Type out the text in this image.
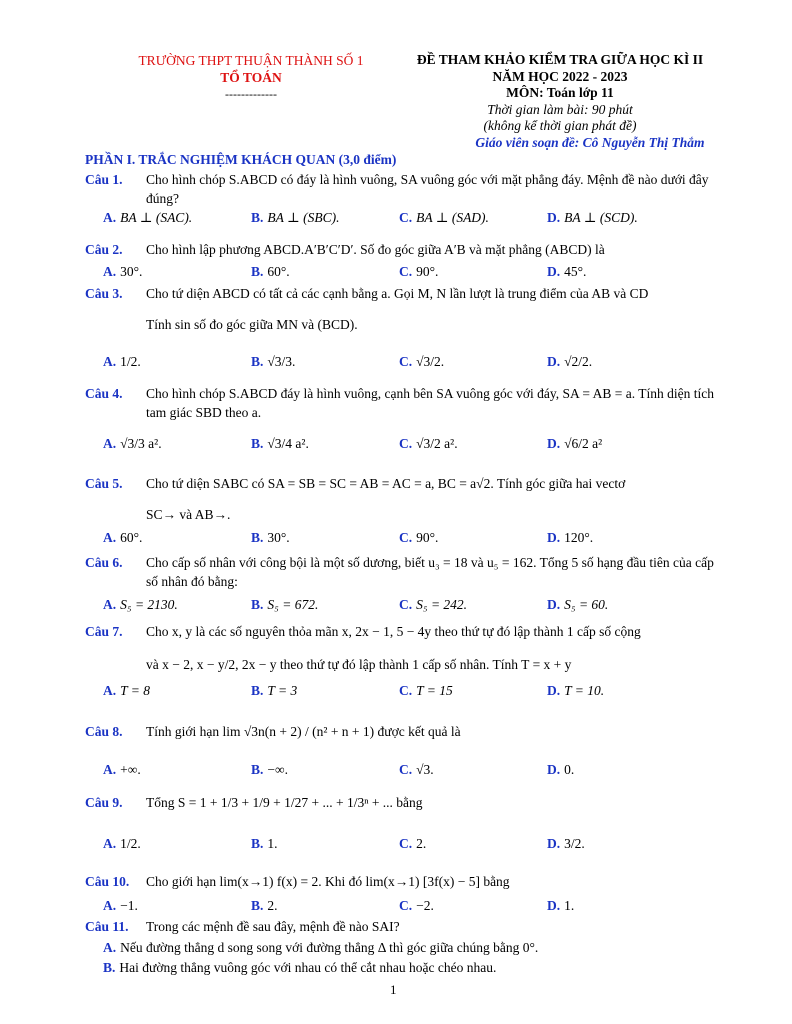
TRƯỜNG THPT THUẬN THÀNH SỐ 1
TỔ TOÁN
-------------
ĐỀ THAM KHẢO KIỂM TRA GIỮA HỌC KÌ II
NĂM HỌC 2022 - 2023
MÔN: Toán lớp 11
Thời gian làm bài: 90 phút
(không kể thời gian phát đề)
Giáo viên soạn đề: Cô Nguyễn Thị Thắm
PHẦN I. TRẮC NGHIỆM KHÁCH QUAN (3,0 điểm)
Câu 1. Cho hình chóp S.ABCD có đáy là hình vuông, SA vuông góc với mặt phẳng đáy. Mệnh đề nào dưới đây đúng?
A. BA ⊥ (SAC).	B. BA ⊥ (SBC).	C. BA ⊥ (SAD).	D. BA ⊥ (SCD).
Câu 2. Cho hình lập phương ABCD.A′B′C′D′. Số đo góc giữa A′B và mặt phẳng (ABCD) là
A. 30°.	B. 60°.	C. 90°.	D. 45°.
Câu 3. Cho tứ diện ABCD có tất cả các cạnh bằng a. Gọi M, N lần lượt là trung điểm của AB và CD
Tính sin số đo góc giữa MN và (BCD).
A. 1/2.	B. √3/3.	C. √3/2.	D. √2/2.
Câu 4. Cho hình chóp S.ABCD đáy là hình vuông, cạnh bên SA vuông góc với đáy, SA = AB = a. Tính diện tích tam giác SBD theo a.
A. √3/3 a².	B. √3/4 a².	C. √3/2 a².	D. √6/2 a²
Câu 5. Cho tứ diện SABC có SA = SB = SC = AB = AC = a, BC = a√2. Tính góc giữa hai vectơ
SC→ và AB→.
A. 60°.	B. 30°.	C. 90°.	D. 120°.
Câu 6. Cho cấp số nhân với công bội là một số dương, biết u₃ = 18 và u₅ = 162. Tổng 5 số hạng đầu tiên của cấp số nhân đó bằng:
A. S₅ = 2130.	B. S₅ = 672.	C. S₅ = 242.	D. S₅ = 60.
Câu 7. Cho x, y là các số nguyên thỏa mãn x, 2x − 1, 5 − 4y theo thứ tự đó lập thành 1 cấp số cộng
và x − 2, x − y/2, 2x − y theo thứ tự đó lập thành 1 cấp số nhân. Tính T = x + y
A. T = 8	B. T = 3	C. T = 15	D. T = 10.
Câu 8. Tính giới hạn lim √3n(n + 2) / (n² + n + 1) được kết quả là
A. +∞.	B. −∞.	C. √3.	D. 0.
Câu 9. Tổng S = 1 + 1/3 + 1/9 + 1/27 + ... + 1/3ⁿ + ... bằng
A. 1/2.	B. 1.	C. 2.	D. 3/2.
Câu 10. Cho giới hạn lim(x→1) f(x) = 2. Khi đó lim(x→1) [3f(x) − 5] bằng
A. −1.	B. 2.	C. −2.	D. 1.
Câu 11. Trong các mệnh đề sau đây, mệnh đề nào SAI?
A. Nếu đường thẳng d song song với đường thẳng Δ thì góc giữa chúng bằng 0°.
B. Hai đường thẳng vuông góc với nhau có thể cắt nhau hoặc chéo nhau.
1
